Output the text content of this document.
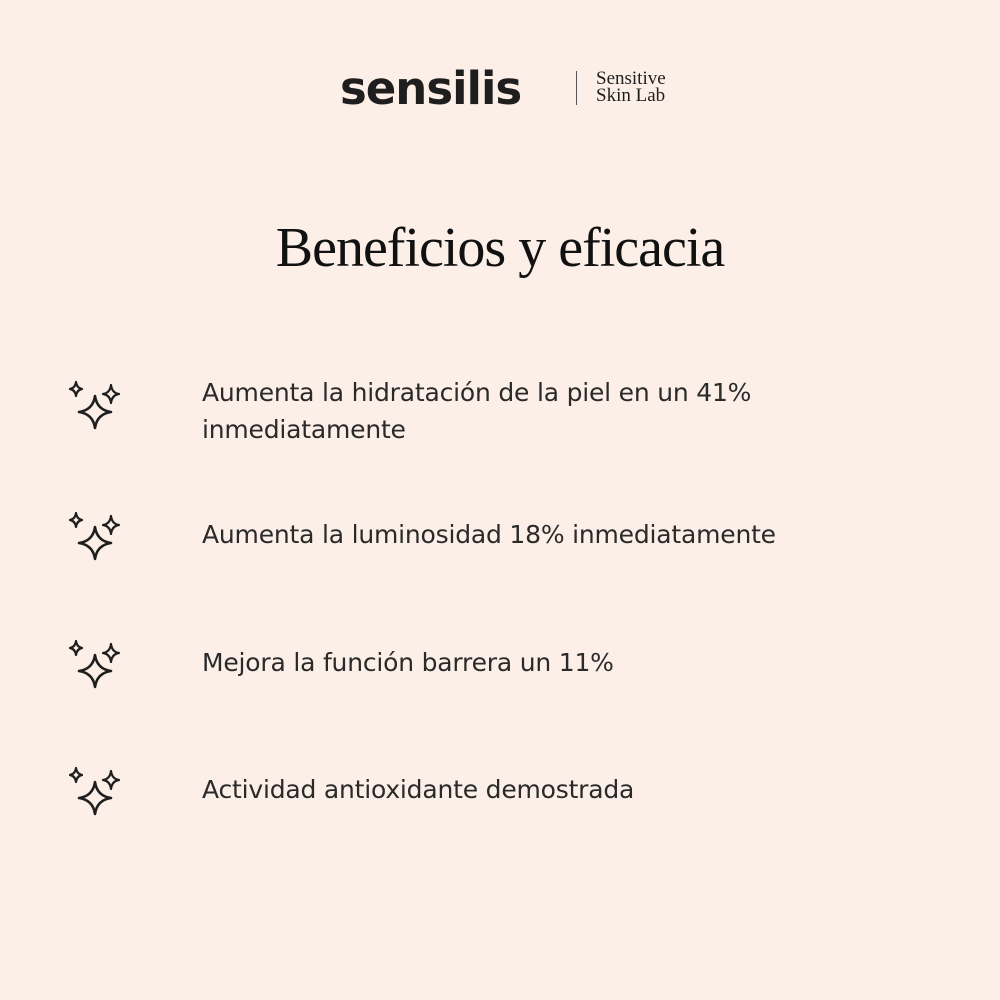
sensilis	Sensitive
Skin Lab
Beneficios y eficacia
Aumenta la hidratación de la piel en un 41%
inmediatamente
Aumenta la luminosidad 18% inmediatamente
Mejora la función barrera un 11%
Actividad antioxidante demostrada
